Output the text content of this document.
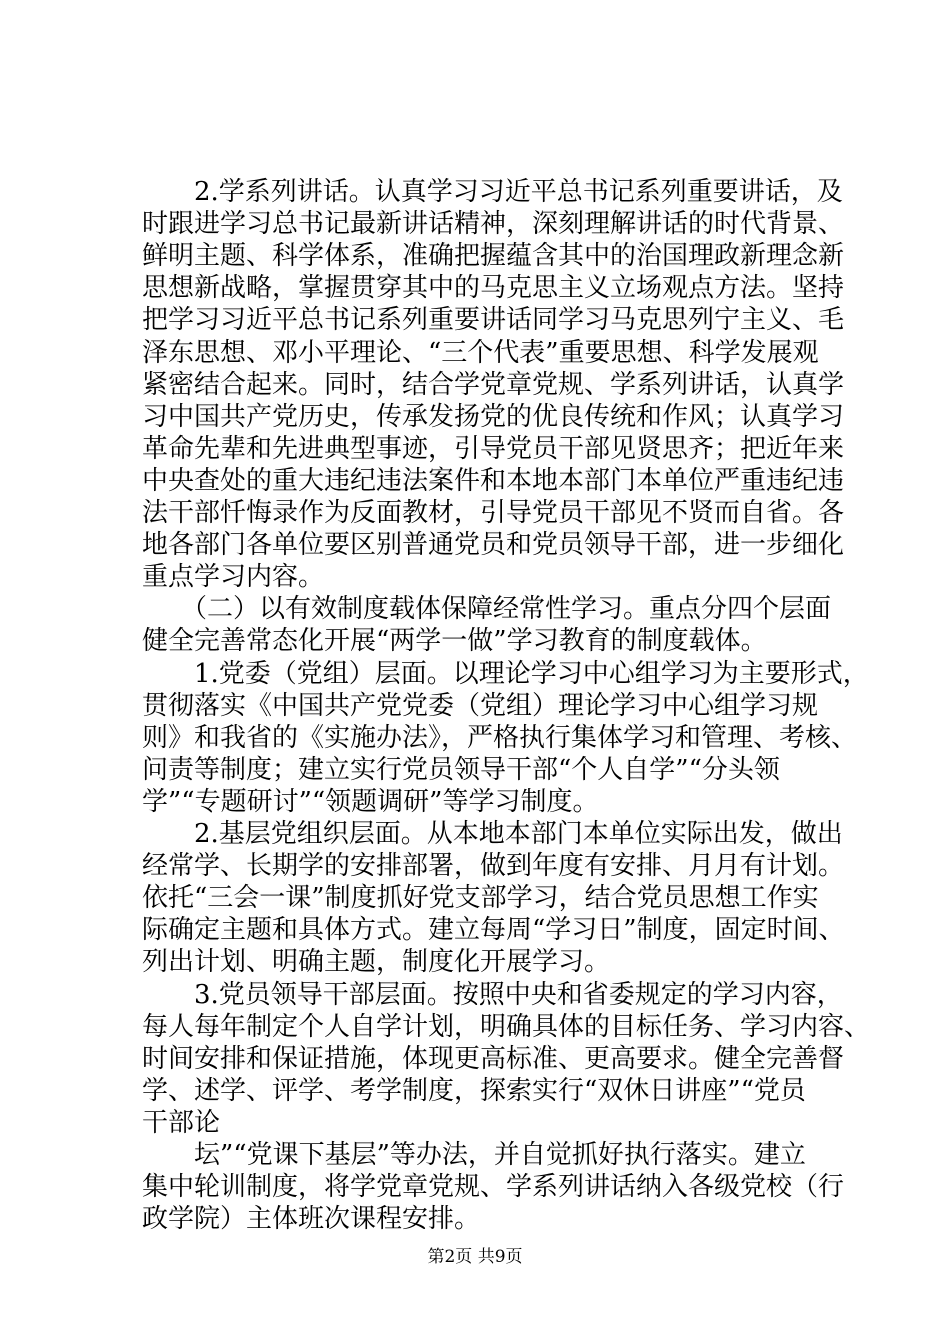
　　2.学系列讲话。认真学习习近平总书记系列重要讲话，及
时跟进学习总书记最新讲话精神，深刻理解讲话的时代背景、
鲜明主题、科学体系，准确把握蕴含其中的治国理政新理念新
思想新战略，掌握贯穿其中的马克思主义立场观点方法。坚持
把学习习近平总书记系列重要讲话同学习马克思列宁主义、毛
泽东思想、邓小平理论、“三个代表”重要思想、科学发展观
紧密结合起来。同时，结合学党章党规、学系列讲话，认真学
习中国共产党历史，传承发扬党的优良传统和作风；认真学习
革命先辈和先进典型事迹，引导党员干部见贤思齐；把近年来
中央查处的重大违纪违法案件和本地本部门本单位严重违纪违
法干部忏悔录作为反面教材，引导党员干部见不贤而自省。各
地各部门各单位要区别普通党员和党员领导干部，进一步细化
重点学习内容。
　　（二）以有效制度载体保障经常性学习。重点分四个层面
健全完善常态化开展“两学一做”学习教育的制度载体。
　　1.党委（党组）层面。以理论学习中心组学习为主要形式，
贯彻落实《中国共产党党委（党组）理论学习中心组学习规
则》和我省的《实施办法》，严格执行集体学习和管理、考核、
问责等制度；建立实行党员领导干部“个人自学”“分头领
学”“专题研讨”“领题调研”等学习制度。
　　2.基层党组织层面。从本地本部门本单位实际出发，做出
经常学、长期学的安排部署，做到年度有安排、月月有计划。
依托“三会一课”制度抓好党支部学习，结合党员思想工作实
际确定主题和具体方式。建立每周“学习日”制度，固定时间、
列出计划、明确主题，制度化开展学习。
　　3.党员领导干部层面。按照中央和省委规定的学习内容，
每人每年制定个人自学计划，明确具体的目标任务、学习内容、
时间安排和保证措施，体现更高标准、更高要求。健全完善督
学、述学、评学、考学制度，探索实行“双休日讲座”“党员
干部论
　　坛”“党课下基层”等办法，并自觉抓好执行落实。建立
集中轮训制度，将学党章党规、学系列讲话纳入各级党校（行
政学院）主体班次课程安排。
第2页 共9页
